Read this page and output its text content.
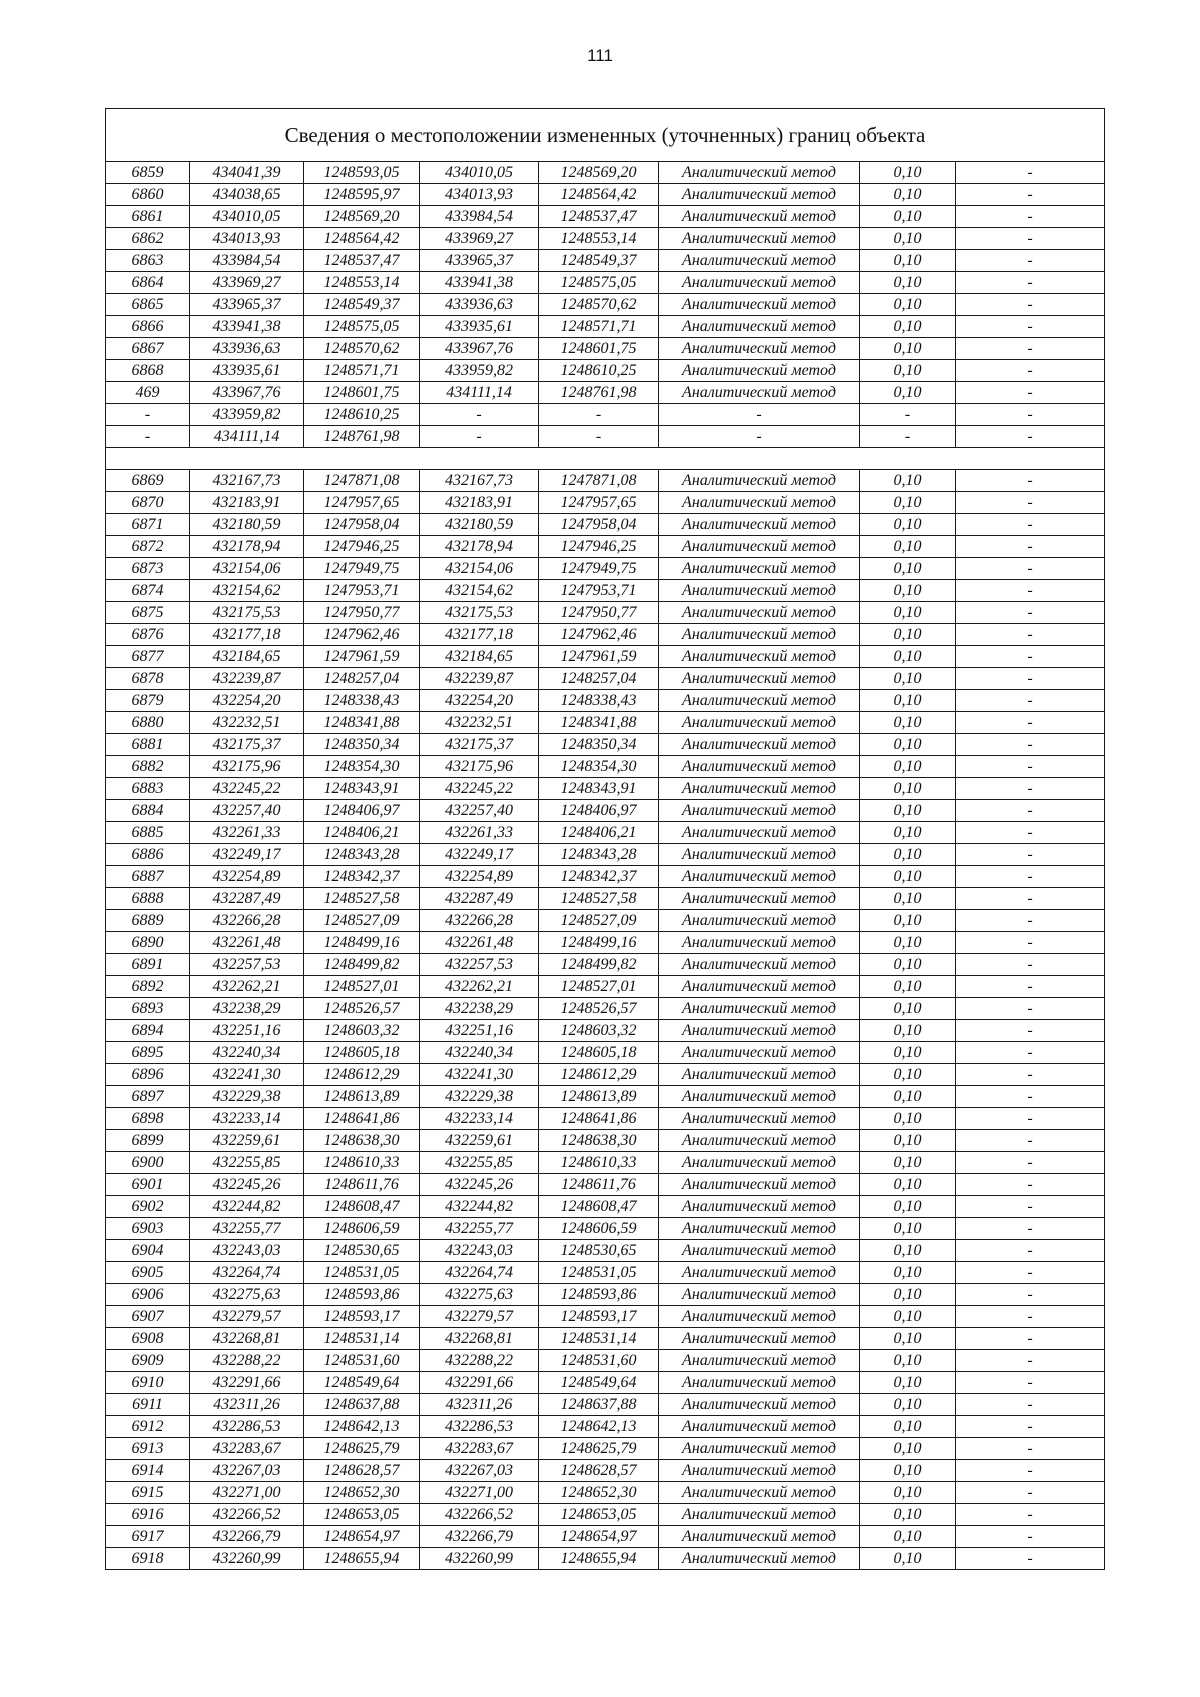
111
Сведения о местоположении измененных (уточненных) границ объекта							
6859	434041,39	1248593,05	434010,05	1248569,20	Аналитический метод	0,10	-
6860	434038,65	1248595,97	434013,93	1248564,42	Аналитический метод	0,10	-
6861	434010,05	1248569,20	433984,54	1248537,47	Аналитический метод	0,10	-
6862	434013,93	1248564,42	433969,27	1248553,14	Аналитический метод	0,10	-
6863	433984,54	1248537,47	433965,37	1248549,37	Аналитический метод	0,10	-
6864	433969,27	1248553,14	433941,38	1248575,05	Аналитический метод	0,10	-
6865	433965,37	1248549,37	433936,63	1248570,62	Аналитический метод	0,10	-
6866	433941,38	1248575,05	433935,61	1248571,71	Аналитический метод	0,10	-
6867	433936,63	1248570,62	433967,76	1248601,75	Аналитический метод	0,10	-
6868	433935,61	1248571,71	433959,82	1248610,25	Аналитический метод	0,10	-
469	433967,76	1248601,75	434111,14	1248761,98	Аналитический метод	0,10	-
-	433959,82	1248610,25	-	-	-	-	-
-	434111,14	1248761,98	-	-	-	-	-

6869	432167,73	1247871,08	432167,73	1247871,08	Аналитический метод	0,10	-
6870	432183,91	1247957,65	432183,91	1247957,65	Аналитический метод	0,10	-
6871	432180,59	1247958,04	432180,59	1247958,04	Аналитический метод	0,10	-
6872	432178,94	1247946,25	432178,94	1247946,25	Аналитический метод	0,10	-
6873	432154,06	1247949,75	432154,06	1247949,75	Аналитический метод	0,10	-
6874	432154,62	1247953,71	432154,62	1247953,71	Аналитический метод	0,10	-
6875	432175,53	1247950,77	432175,53	1247950,77	Аналитический метод	0,10	-
6876	432177,18	1247962,46	432177,18	1247962,46	Аналитический метод	0,10	-
6877	432184,65	1247961,59	432184,65	1247961,59	Аналитический метод	0,10	-
6878	432239,87	1248257,04	432239,87	1248257,04	Аналитический метод	0,10	-
6879	432254,20	1248338,43	432254,20	1248338,43	Аналитический метод	0,10	-
6880	432232,51	1248341,88	432232,51	1248341,88	Аналитический метод	0,10	-
6881	432175,37	1248350,34	432175,37	1248350,34	Аналитический метод	0,10	-
6882	432175,96	1248354,30	432175,96	1248354,30	Аналитический метод	0,10	-
6883	432245,22	1248343,91	432245,22	1248343,91	Аналитический метод	0,10	-
6884	432257,40	1248406,97	432257,40	1248406,97	Аналитический метод	0,10	-
6885	432261,33	1248406,21	432261,33	1248406,21	Аналитический метод	0,10	-
6886	432249,17	1248343,28	432249,17	1248343,28	Аналитический метод	0,10	-
6887	432254,89	1248342,37	432254,89	1248342,37	Аналитический метод	0,10	-
6888	432287,49	1248527,58	432287,49	1248527,58	Аналитический метод	0,10	-
6889	432266,28	1248527,09	432266,28	1248527,09	Аналитический метод	0,10	-
6890	432261,48	1248499,16	432261,48	1248499,16	Аналитический метод	0,10	-
6891	432257,53	1248499,82	432257,53	1248499,82	Аналитический метод	0,10	-
6892	432262,21	1248527,01	432262,21	1248527,01	Аналитический метод	0,10	-
6893	432238,29	1248526,57	432238,29	1248526,57	Аналитический метод	0,10	-
6894	432251,16	1248603,32	432251,16	1248603,32	Аналитический метод	0,10	-
6895	432240,34	1248605,18	432240,34	1248605,18	Аналитический метод	0,10	-
6896	432241,30	1248612,29	432241,30	1248612,29	Аналитический метод	0,10	-
6897	432229,38	1248613,89	432229,38	1248613,89	Аналитический метод	0,10	-
6898	432233,14	1248641,86	432233,14	1248641,86	Аналитический метод	0,10	-
6899	432259,61	1248638,30	432259,61	1248638,30	Аналитический метод	0,10	-
6900	432255,85	1248610,33	432255,85	1248610,33	Аналитический метод	0,10	-
6901	432245,26	1248611,76	432245,26	1248611,76	Аналитический метод	0,10	-
6902	432244,82	1248608,47	432244,82	1248608,47	Аналитический метод	0,10	-
6903	432255,77	1248606,59	432255,77	1248606,59	Аналитический метод	0,10	-
6904	432243,03	1248530,65	432243,03	1248530,65	Аналитический метод	0,10	-
6905	432264,74	1248531,05	432264,74	1248531,05	Аналитический метод	0,10	-
6906	432275,63	1248593,86	432275,63	1248593,86	Аналитический метод	0,10	-
6907	432279,57	1248593,17	432279,57	1248593,17	Аналитический метод	0,10	-
6908	432268,81	1248531,14	432268,81	1248531,14	Аналитический метод	0,10	-
6909	432288,22	1248531,60	432288,22	1248531,60	Аналитический метод	0,10	-
6910	432291,66	1248549,64	432291,66	1248549,64	Аналитический метод	0,10	-
6911	432311,26	1248637,88	432311,26	1248637,88	Аналитический метод	0,10	-
6912	432286,53	1248642,13	432286,53	1248642,13	Аналитический метод	0,10	-
6913	432283,67	1248625,79	432283,67	1248625,79	Аналитический метод	0,10	-
6914	432267,03	1248628,57	432267,03	1248628,57	Аналитический метод	0,10	-
6915	432271,00	1248652,30	432271,00	1248652,30	Аналитический метод	0,10	-
6916	432266,52	1248653,05	432266,52	1248653,05	Аналитический метод	0,10	-
6917	432266,79	1248654,97	432266,79	1248654,97	Аналитический метод	0,10	-
6918	432260,99	1248655,94	432260,99	1248655,94	Аналитический метод	0,10	-
